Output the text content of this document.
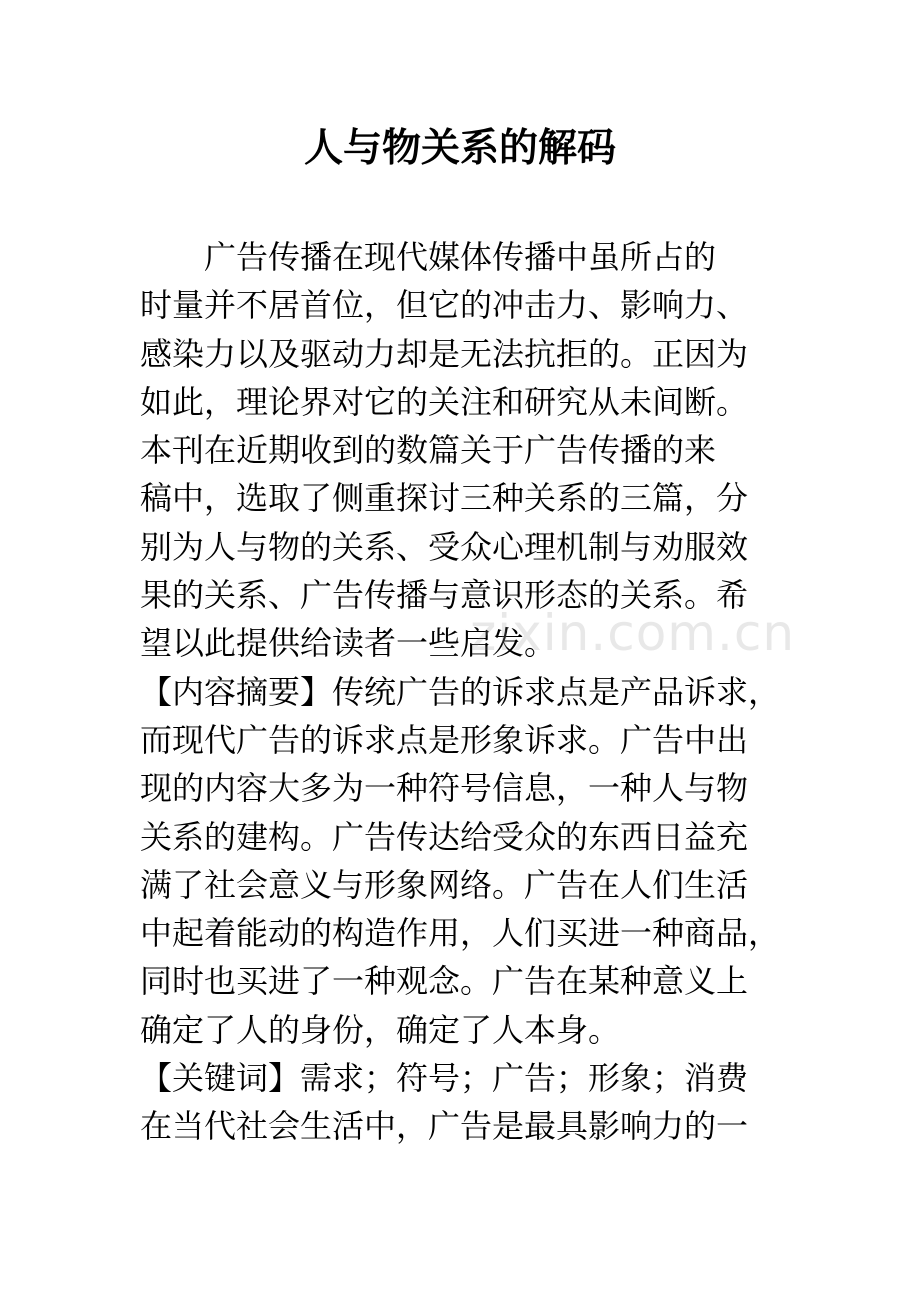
人与物关系的解码
　　广告传播在现代媒体传播中虽所占的
时量并不居首位，但它的冲击力、影响力、
感染力以及驱动力却是无法抗拒的。正因为
如此，理论界对它的关注和研究从未间断。
本刊在近期收到的数篇关于广告传播的来
稿中，选取了侧重探讨三种关系的三篇，分
别为人与物的关系、受众心理机制与劝服效
果的关系、广告传播与意识形态的关系。希
望以此提供给读者一些启发。
【内容摘要】传统广告的诉求点是产品诉求，
而现代广告的诉求点是形象诉求。广告中出
现的内容大多为一种符号信息，一种人与物
关系的建构。广告传达给受众的东西日益充
满了社会意义与形象网络。广告在人们生活
中起着能动的构造作用，人们买进一种商品，
同时也买进了一种观念。广告在某种意义上
确定了人的身份，确定了人本身。
【关键词】需求；符号；广告；形象；消费
在当代社会生活中，广告是最具影响力的一
zixin.com.cn
